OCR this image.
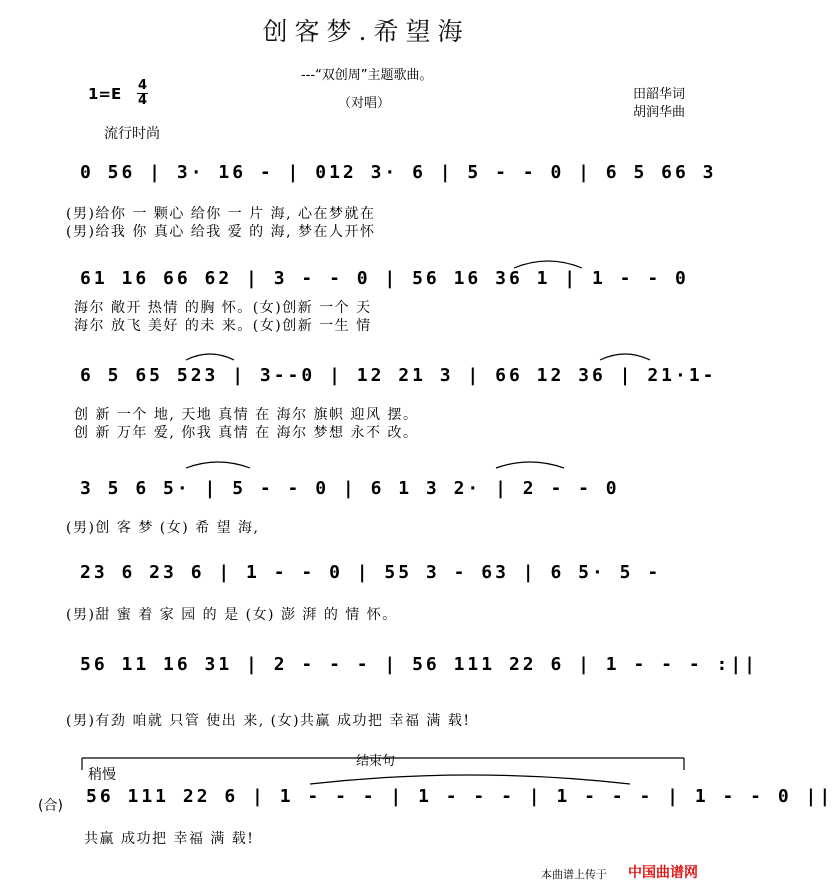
创客梦.希望海
---“双创周”主题歌曲。
（对唱）
1=E 4
4	田韶华词
胡润华曲
流行时尚
0 56 | 3· 16 - | 012 3· 6 | 5 - - 0 | 6 5 66 3
(男)给你 一 颗心 给你 一 片 海, 心在梦就在
(男)给我 你 真心 给我 爱 的 海, 梦在人开怀
61 16 66 62 | 3 - - 0 | 56 16 36 1 | 1 - - 0
海尔 敞开 热情 的胸 怀。(女)创新 一个 天
海尔 放飞 美好 的未 来。(女)创新 一生 情
6 5 65 523 | 3--0 | 12 21 3 | 66 12 36 | 21·1-
创 新 一个 地, 天地 真情 在 海尔 旗帜 迎风 摆。
创 新 万年 爱, 你我 真情 在 海尔 梦想 永不 改。
3 5 6 5· | 5 - - 0 | 6 1 3 2· | 2 - - 0
(男)创 客 梦 (女) 希 望 海,
23 6 23 6 | 1 - - 0 | 55 3 - 63 | 6 5· 5 -
(男)甜 蜜 着 家 园 的 是 (女) 澎 湃 的 情 怀。
56 11 16 31 | 2 - - - | 56 111 22 6 | 1 - - - :||
(男)有劲 咱就 只管 使出 来, (女)共赢 成功把 幸福 满 载!
结束句
稍慢
(合) 56 111 22 6 | 1 - - - | 1 - - - | 1 - - - | 1 - - 0 ||
共赢 成功把 幸福 满 载!
本曲谱上传于 中国曲谱网
